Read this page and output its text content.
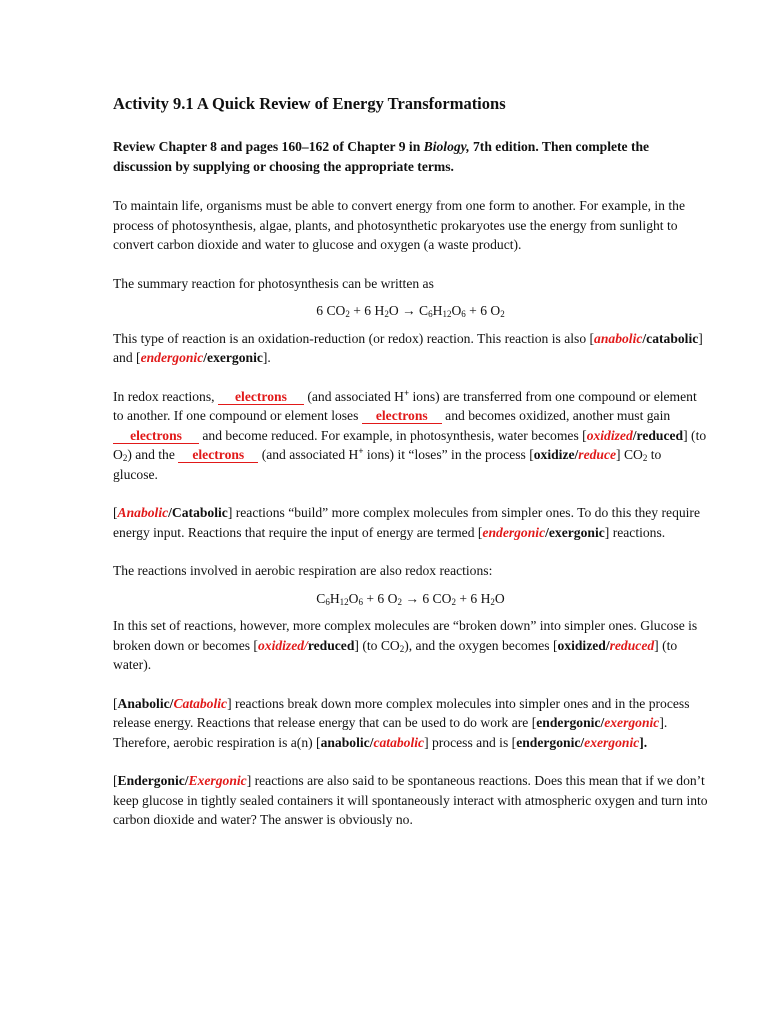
Activity 9.1 A Quick Review of Energy Transformations

Review Chapter 8 and pages 160–162 of Chapter 9 in Biology, 7th edition. Then complete the discussion by supplying or choosing the appropriate terms.

To maintain life, organisms must be able to convert energy from one form to another. For example, in the process of photosynthesis, algae, plants, and photosynthetic prokaryotes use the energy from sunlight to convert carbon dioxide and water to glucose and oxygen (a waste product).

The summary reaction for photosynthesis can be written as

6 $CO_2 + 6$ $H_2O \to C_6H_{12}O_6 + 6$ $O_2$

This type of reaction is an oxidation-reduction (or redox) reaction. This reaction is also [anabolic/catabolic] and [endergonic/exergonic].

In redox reactions, electrons (and associated H+ ions) are transferred from one compound or element to another. If one compound or element loses electrons and becomes oxidized, another must gain electrons and become reduced. For example, in photosynthesis, water becomes [oxidized/reduced] (to $O_2$) and the electrons (and associated H+ ions) it “loses” in the process [oxidize/reduce] $CO_2$ to glucose.

[Anabolic/Catabolic] reactions “build” more complex molecules from simpler ones. To do this they require energy input. Reactions that require the input of energy are termed [endergonic/exergonic] reactions.

The reactions involved in aerobic respiration are also redox reactions:

$C_6H_{12}O_6 + 6$ $O_2 \to 6$ $CO_2 + 6$ $H_2O$

In this set of reactions, however, more complex molecules are “broken down” into simpler ones. Glucose is broken down or becomes [oxidized/reduced] (to $CO_2$), and the oxygen becomes [oxidized/reduced] (to water).

[Anabolic/Catabolic] reactions break down more complex molecules into simpler ones and in the process release energy. Reactions that release energy that can be used to do work are [endergonic/exergonic]. Therefore, aerobic respiration is a(n) [anabolic/catabolic] process and is [endergonic/exergonic].

[Endergonic/Exergonic] reactions are also said to be spontaneous reactions. Does this mean that if we don’t keep glucose in tightly sealed containers it will spontaneously interact with atmospheric oxygen and turn into carbon dioxide and water? The answer is obviously no.
